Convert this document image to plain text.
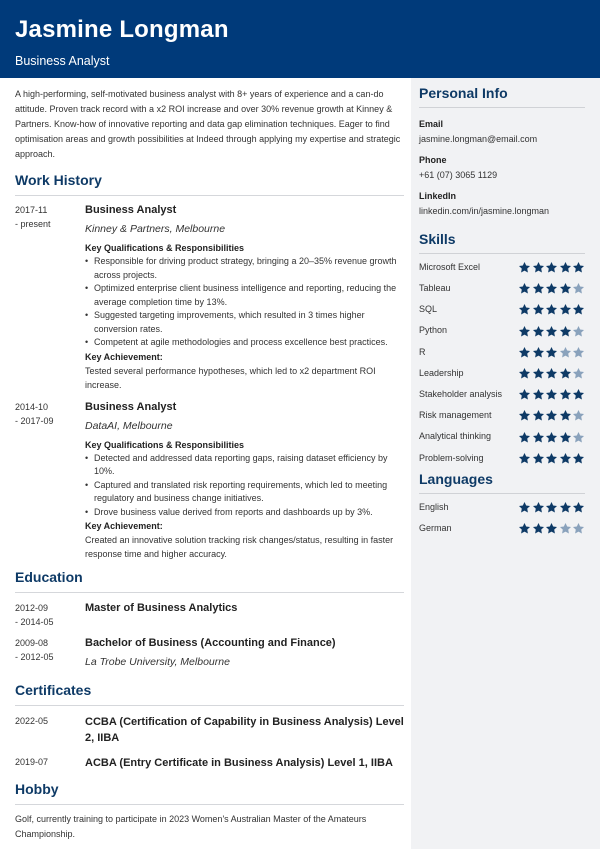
Jasmine Longman
Business Analyst

A high-performing, self-motivated business analyst with 8+ years of experience and a can-do attitude. Proven track record with a x2 ROI increase and over 30% revenue growth at Kinney & Partners. Know-how of innovative reporting and data gap elimination techniques. Eager to find optimisation areas and growth possibilities at Indeed through applying my expertise and strategic approach.

Work History
2017-11
- present
Business Analyst
Kinney & Partners, Melbourne
Key Qualifications & Responsibilities
• Responsible for driving product strategy, bringing a 20–35% revenue growth across projects.
• Optimized enterprise client business intelligence and reporting, reducing the average completion time by 13%.
• Suggested targeting improvements, which resulted in 3 times higher conversion rates.
• Competent at agile methodologies and process excellence best practices.
Key Achievement:
Tested several performance hypotheses, which led to x2 department ROI increase.
2014-10
- 2017-09
Business Analyst
DataAI, Melbourne
Key Qualifications & Responsibilities
• Detected and addressed data reporting gaps, raising dataset efficiency by 10%.
• Captured and translated risk reporting requirements, which led to meeting regulatory and business change initiatives.
• Drove business value derived from reports and dashboards up by 3%.
Key Achievement:
Created an innovative solution tracking risk changes/status, resulting in faster response time and higher accuracy.
Education
2012-09
- 2014-05
Master of Business Analytics
2009-08
- 2012-05
Bachelor of Business (Accounting and Finance)
La Trobe University, Melbourne
Certificates
2022-05	CCBA (Certification of Capability in Business Analysis) Level 2, IIBA
2019-07	ACBA (Entry Certificate in Business Analysis) Level 1, IIBA
Hobby

Golf, currently training to participate in 2023 Women's Australian Master of the Amateurs Championship.

Personal Info
Email
jasmine.longman@email.com
Phone
+61 (07) 3065 1129
LinkedIn
linkedin.com/in/jasmine.longman
Skills
Microsoft Excel
Tableau
SQL
Python
R
Leadership
Stakeholder analysis
Risk management
Analytical thinking
Problem-solving
Languages
English
German
